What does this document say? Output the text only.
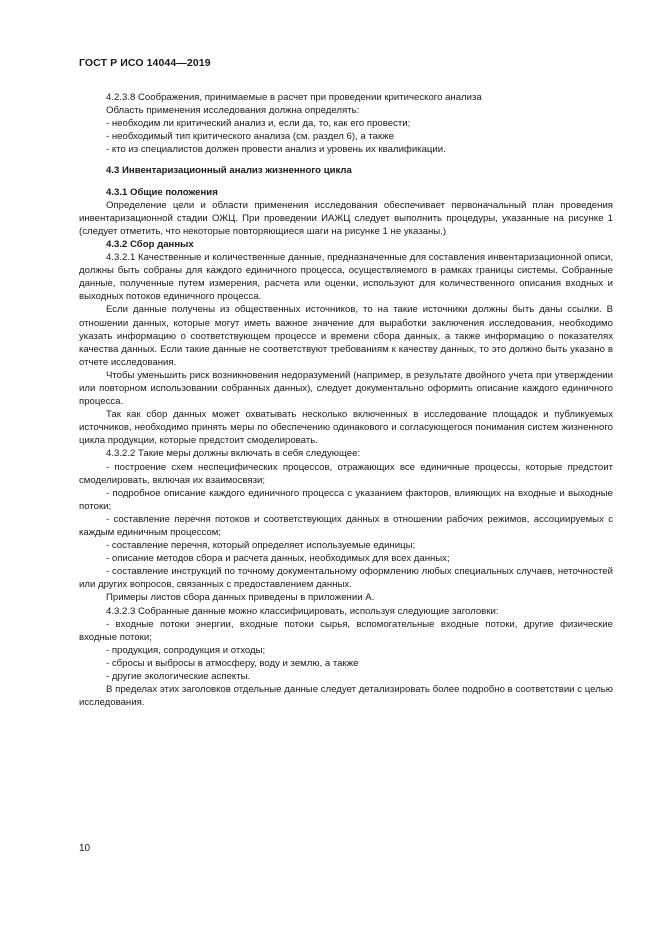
ГОСТ Р ИСО 14044—2019

4.2.3.8 Соображения, принимаемые в расчет при проведении критического анализа

Область применения исследования должна определять:

- необходим ли критический анализ и, если да, то, как его провести;

- необходимый тип критического анализа (см. раздел 6), а также

- кто из специалистов должен провести анализ и уровень их квалификации.

4.3 Инвентаризационный анализ жизненного цикла

4.3.1 Общие положения

Определение цели и области применения исследования обеспечивает первоначальный план проведения инвентаризационной стадии ОЖЦ. При проведении ИАЖЦ следует выполнить процедуры, указанные на рисунке 1 (следует отметить, что некоторые повторяющиеся шаги на рисунке 1 не указаны.)

4.3.2 Сбор данных

4.3.2.1 Качественные и количественные данные, предназначенные для составления инвентаризационной описи, должны быть собраны для каждого единичного процесса, осуществляемого в рамках границы системы. Собранные данные, полученные путем измерения, расчета или оценки, используют для количественного описания входных и выходных потоков единичного процесса.

Если данные получены из общественных источников, то на такие источники должны быть даны ссылки. В отношении данных, которые могут иметь важное значение для выработки заключения исследования, необходимо указать информацию о соответствующем процессе и времени сбора данных, а также информацию о показателях качества данных. Если такие данные не соответствуют требованиям к качеству данных, то это должно быть указано в отчете исследования.

Чтобы уменьшить риск возникновения недоразумений (например, в результате двойного учета при утверждении или повторном использовании собранных данных), следует документально оформить описание каждого единичного процесса.

Так как сбор данных может охватывать несколько включенных в исследование площадок и публикуемых источников, необходимо принять меры по обеспечению одинакового и согласующегося понимания систем жизненного цикла продукции, которые предстоит смоделировать.

4.3.2.2 Такие меры должны включать в себя следующее:

- построение схем неспецифических процессов, отражающих все единичные процессы, которые предстоит смоделировать, включая их взаимосвязи;

- подробное описание каждого единичного процесса с указанием факторов, влияющих на входные и выходные потоки;

- составление перечня потоков и соответствующих данных в отношении рабочих режимов, ассоциируемых с каждым единичным процессом;

- составление перечня, который определяет используемые единицы;

- описание методов сбора и расчета данных, необходимых для всех данных;

- составление инструкций по точному документальному оформлению любых специальных случаев, неточностей или других вопросов, связанных с предоставлением данных.

Примеры листов сбора данных приведены в приложении А.

4.3.2.3 Собранные данные можно классифицировать, используя следующие заголовки:

- входные потоки энергии, входные потоки сырья, вспомогательные входные потоки, другие физические входные потоки;

- продукция, сопродукция и отходы;

- сбросы и выбросы в атмосферу, воду и землю, а также

- другие экологические аспекты.

В пределах этих заголовков отдельные данные следует детализировать более подробно в соответствии с целью исследования.

10
